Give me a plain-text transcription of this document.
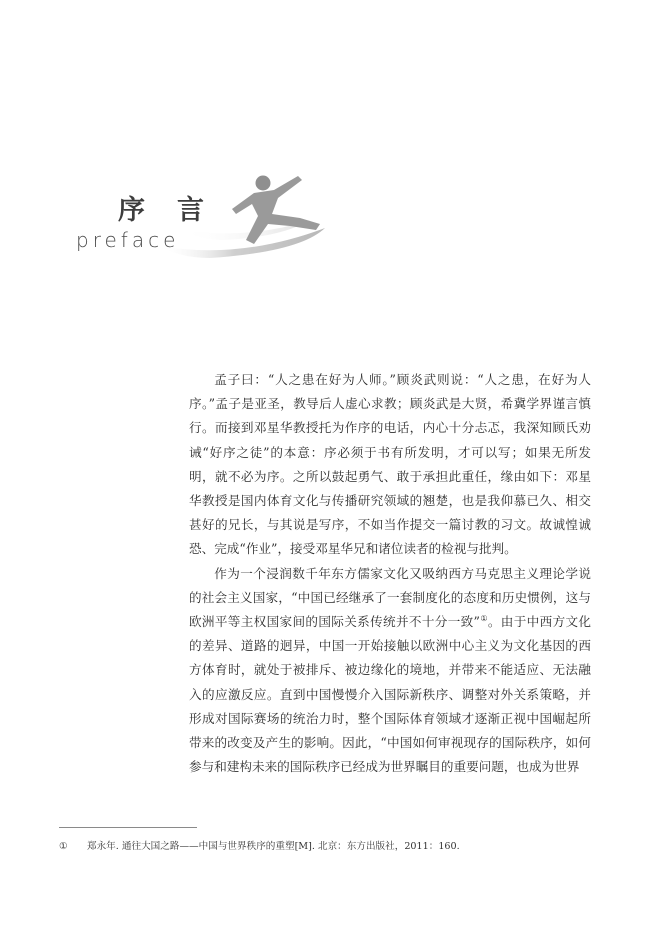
序言
preface

孟子曰：“人之患在好为人师。”顾炎武则说：“人之患，在好为人序。”孟子是亚圣，教导后人虚心求教；顾炎武是大贤，希冀学界谨言慎行。而接到邓星华教授托为作序的电话，内心十分忐忑，我深知顾氏劝诫“好序之徒”的本意：序必须于书有所发明，才可以写；如果无所发明，就不必为序。之所以鼓起勇气、敢于承担此重任，缘由如下：邓星华教授是国内体育文化与传播研究领域的翘楚，也是我仰慕已久、相交甚好的兄长，与其说是写序，不如当作提交一篇讨教的习文。故诚惶诚恐、完成“作业”，接受邓星华兄和诸位读者的检视与批判。

作为一个浸润数千年东方儒家文化又吸纳西方马克思主义理论学说的社会主义国家，“中国已经继承了一套制度化的态度和历史惯例，这与欧洲平等主权国家间的国际关系传统并不十分一致”①。由于中西方文化的差异、道路的迥异，中国一开始接触以欧洲中心主义为文化基因的西方体育时，就处于被排斥、被边缘化的境地，并带来不能适应、无法融入的应激反应。直到中国慢慢介入国际新秩序、调整对外关系策略，并形成对国际赛场的统治力时，整个国际体育领域才逐渐正视中国崛起所带来的改变及产生的影响。因此，“中国如何审视现存的国际秩序，如何参与和建构未来的国际秩序已经成为世界瞩目的重要问题，也成为世界

① 郑永年. 通往大国之路——中国与世界秩序的重塑[M]. 北京：东方出版社，2011：160.
